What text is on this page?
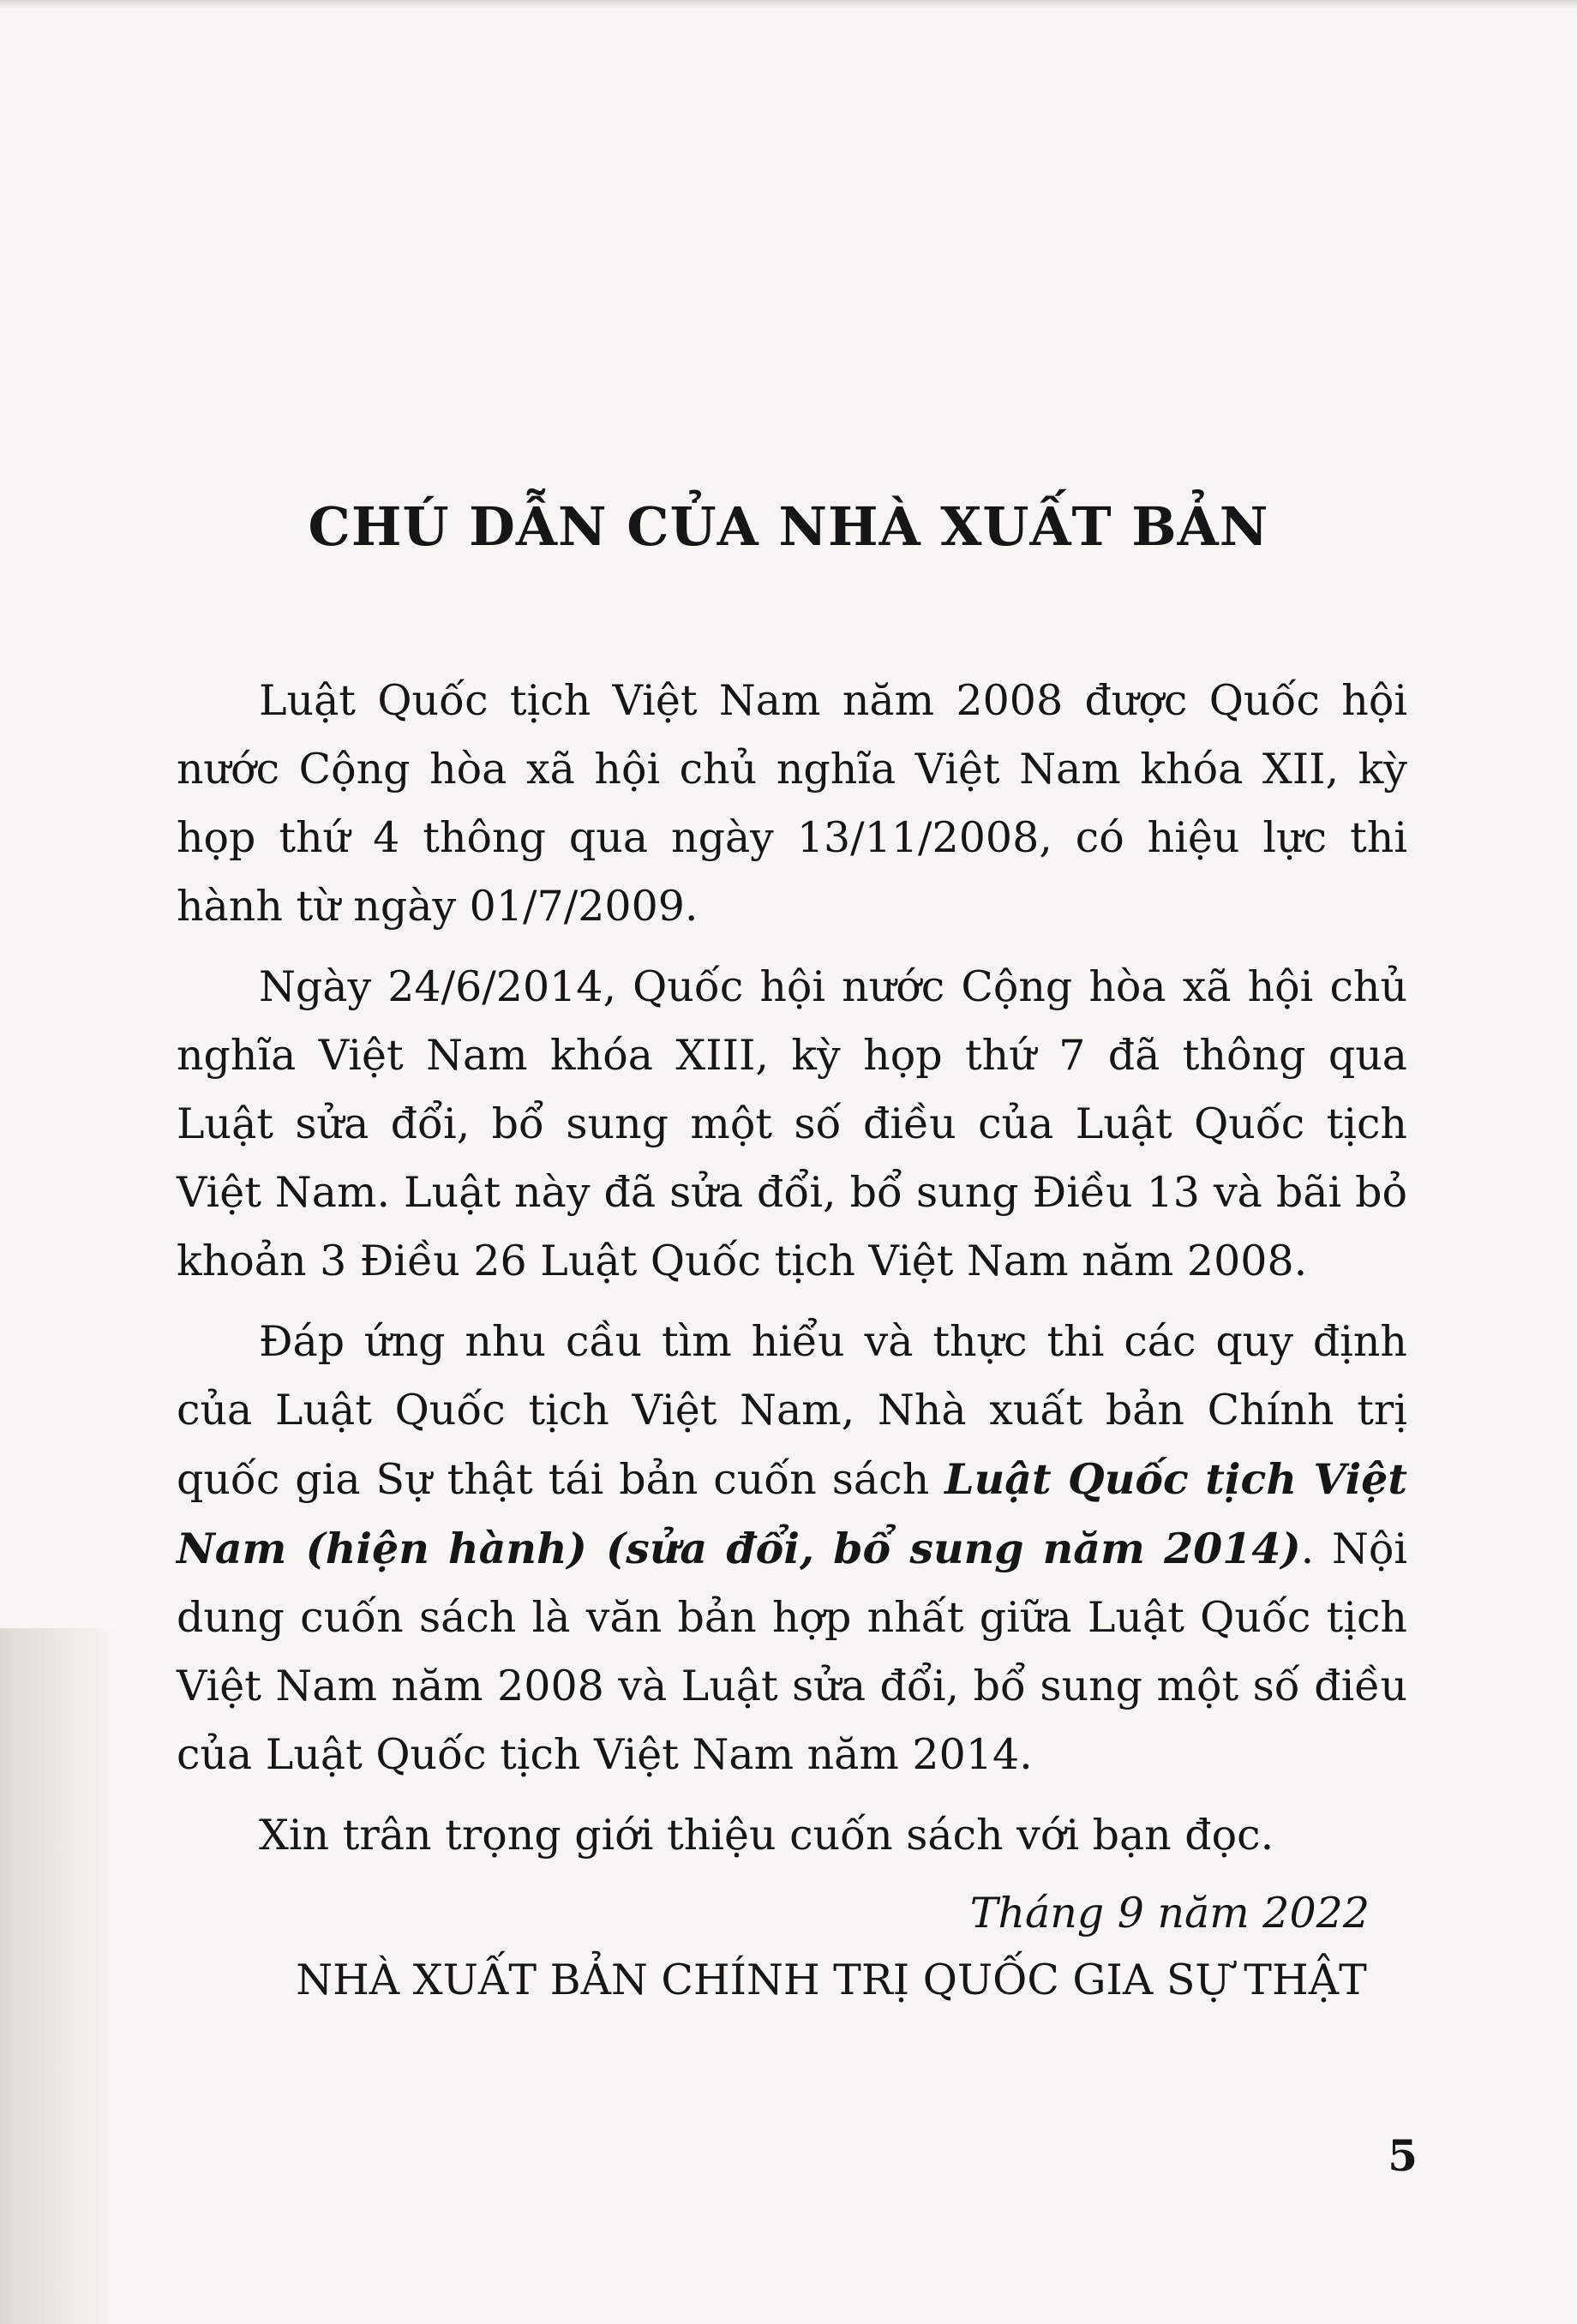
CHÚ DẪN CỦA NHÀ XUẤT BẢN

Luật Quốc tịch Việt Nam năm 2008 được Quốc hội nước Cộng hòa xã hội chủ nghĩa Việt Nam khóa XII, kỳ họp thứ 4 thông qua ngày 13/11/2008, có hiệu lực thi hành từ ngày 01/7/2009.

Ngày 24/6/2014, Quốc hội nước Cộng hòa xã hội chủ nghĩa Việt Nam khóa XIII, kỳ họp thứ 7 đã thông qua Luật sửa đổi, bổ sung một số điều của Luật Quốc tịch Việt Nam. Luật này đã sửa đổi, bổ sung Điều 13 và bãi bỏ khoản 3 Điều 26 Luật Quốc tịch Việt Nam năm 2008.

Đáp ứng nhu cầu tìm hiểu và thực thi các quy định của Luật Quốc tịch Việt Nam, Nhà xuất bản Chính trị quốc gia Sự thật tái bản cuốn sách Luật Quốc tịch Việt Nam (hiện hành) (sửa đổi, bổ sung năm 2014). Nội dung cuốn sách là văn bản hợp nhất giữa Luật Quốc tịch Việt Nam năm 2008 và Luật sửa đổi, bổ sung một số điều của Luật Quốc tịch Việt Nam năm 2014.

Xin trân trọng giới thiệu cuốn sách với bạn đọc.

Tháng 9 năm 2022

NHÀ XUẤT BẢN CHÍNH TRỊ QUỐC GIA SỰ THẬT

5
